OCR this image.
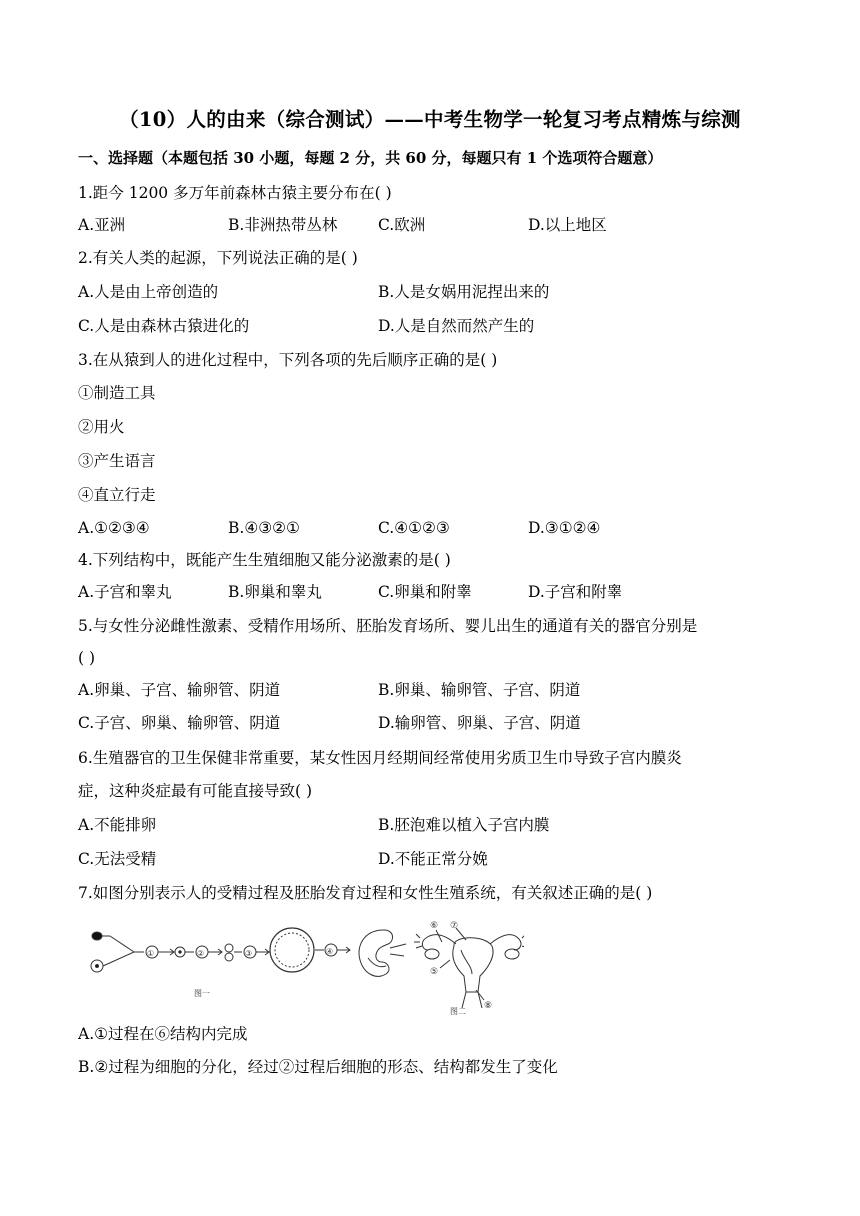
（10）人的由来（综合测试）——中考生物学一轮复习考点精炼与综测
一、选择题（本题包括 30 小题，每题 2 分，共 60 分，每题只有 1 个选项符合题意）
1.距今 1200 多万年前森林古猿主要分布在( )
A.亚洲	B.非洲热带丛林	C.欧洲	D.以上地区
2.有关人类的起源，下列说法正确的是( )
A.人是由上帝创造的	B.人是女娲用泥捏出来的
C.人是由森林古猿进化的	D.人是自然而然产生的
3.在从猿到人的进化过程中，下列各项的先后顺序正确的是( )
①制造工具
②用火
③产生语言
④直立行走
A.①②③④	B.④③②①	C.④①②③	D.③①②④
4.下列结构中，既能产生生殖细胞又能分泌激素的是( )
A.子宫和睾丸	B.卵巢和睾丸	C.卵巢和附睾	D.子宫和附睾
5.与女性分泌雌性激素、受精作用场所、胚胎发育场所、婴儿出生的通道有关的器官分别是
( )
A.卵巢、子宫、输卵管、阴道	B.卵巢、输卵管、子宫、阴道
C.子宫、卵巢、输卵管、阴道	D.输卵管、卵巢、子宫、阴道
6.生殖器官的卫生保健非常重要，某女性因月经期间经常使用劣质卫生巾导致子宫内膜炎
症，这种炎症最有可能直接导致( )
A.不能排卵	B.胚泡难以植入子宫内膜
C.无法受精	D.不能正常分娩
7.如图分别表示人的受精过程及胚胎发育过程和女性生殖系统，有关叙述正确的是( )
图一
①	②	③	④
⑥ ⑦
⑤
⑧
图二
A.①过程在⑥结构内完成
B.②过程为细胞的分化，经过②过程后细胞的形态、结构都发生了变化
